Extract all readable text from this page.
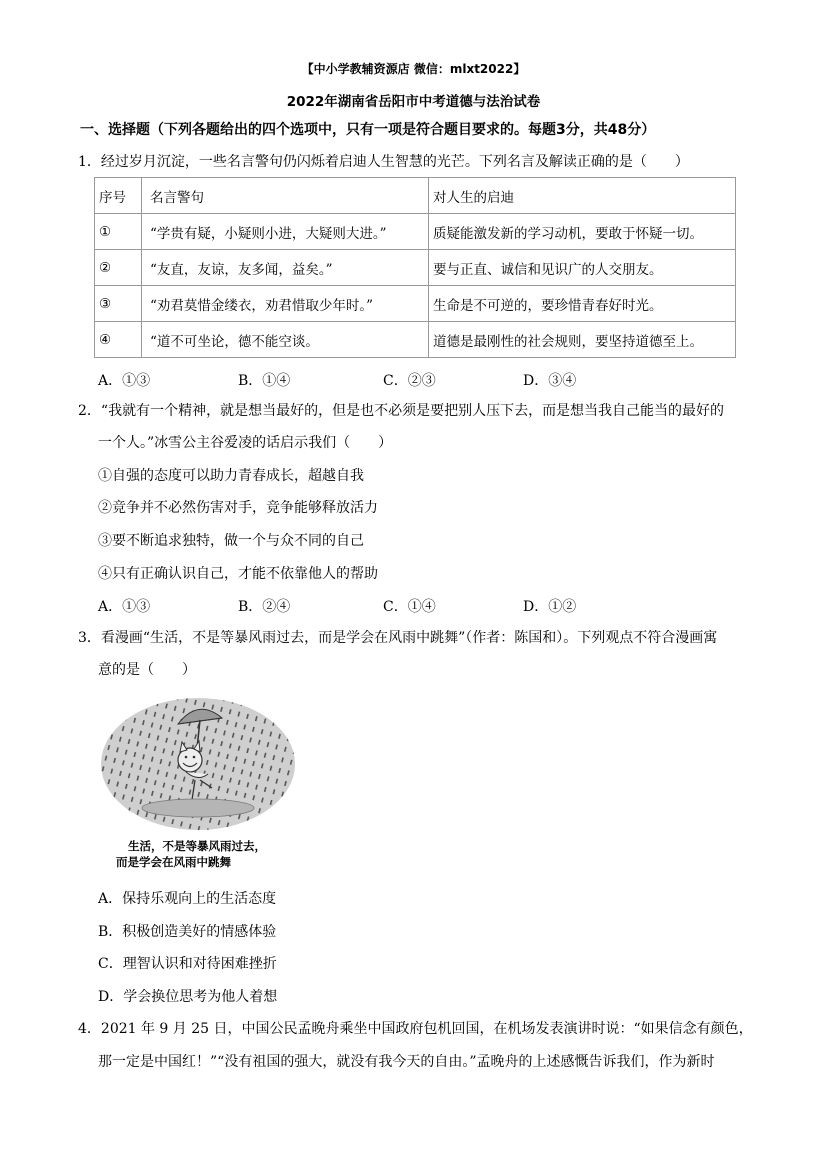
【中小学教辅资源店 微信：mlxt2022】
2022年湖南省岳阳市中考道德与法治试卷
一、选择题（下列各题给出的四个选项中，只有一项是符合题目要求的。每题3分，共48分）
1．经过岁月沉淀，一些名言警句仍闪烁着启迪人生智慧的光芒。下列名言及解读正确的是（　　）
序号	名言警句	对人生的启迪
①	“学贵有疑，小疑则小进，大疑则大进。”	质疑能激发新的学习动机，要敢于怀疑一切。
②	“友直，友谅，友多闻，益矣。”	要与正直、诚信和见识广的人交朋友。
③	“劝君莫惜金缕衣，劝君惜取少年时。”	生命是不可逆的，要珍惜青春好时光。
④	“道不可坐论，德不能空谈。	道德是最刚性的社会规则，要坚持道德至上。
A．①③	B．①④	C．②③	D．③④
2．“我就有一个精神，就是想当最好的，但是也不必须是要把别人压下去，而是想当我自己能当的最好的
一个人。”冰雪公主谷爱凌的话启示我们（　　）
①自强的态度可以助力青春成长，超越自我
②竞争并不必然伤害对手，竞争能够释放活力
③要不断追求独特，做一个与众不同的自己
④只有正确认识自己，才能不依靠他人的帮助
A．①③	B．②④	C．①④	D．①②
3．看漫画“生活，不是等暴风雨过去，而是学会在风雨中跳舞”（作者：陈国和）。下列观点不符合漫画寓
意的是（　　）
生活，不是等暴风雨过去，
而是学会在风雨中跳舞
A．保持乐观向上的生活态度
B．积极创造美好的情感体验
C．理智认识和对待困难挫折
D．学会换位思考为他人着想
4．2021 年 9 月 25 日，中国公民孟晚舟乘坐中国政府包机回国，在机场发表演讲时说：“如果信念有颜色，
那一定是中国红！”“没有祖国的强大，就没有我今天的自由。”孟晚舟的上述感慨告诉我们，作为新时
